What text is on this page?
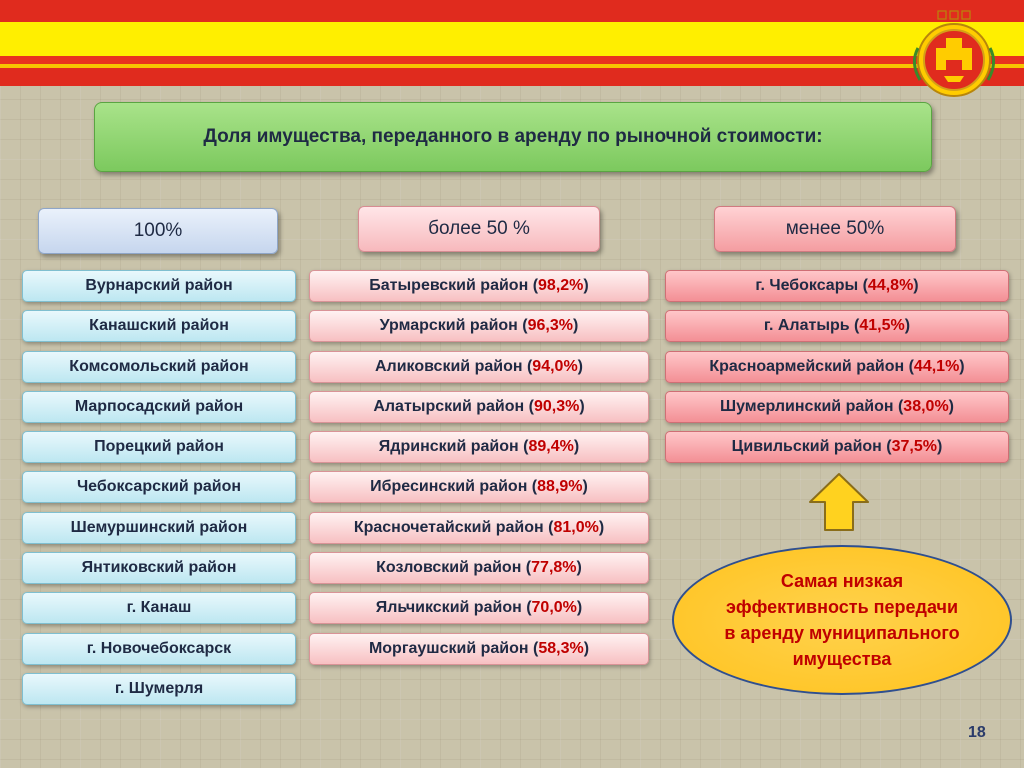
Доля имущества, переданного в аренду по рыночной стоимости:
100%	более 50 %	менее 50%
Вурнарский район
Канашский район
Комсомольский район
Марпосадский район
Порецкий район
Чебоксарский район
Шемуршинский район
Янтиковский район
г. Канаш
г. Новочебоксарск
г. Шумерля
Батыревский район ( 98,2% )
Урмарский район ( 96,3% )
Аликовский район ( 94,0% )
Алатырский район ( 90,3% )
Ядринский район ( 89,4% )
Ибресинский район ( 88,9% )
Красночетайский район ( 81,0% )
Козловский район ( 77,8% )
Яльчикский район ( 70,0% )
Моргаушский район ( 58,3% )
г. Чебоксары ( 44,8% )
г. Алатырь ( 41,5% )
Красноармейский район ( 44,1% )
Шумерлинский район ( 38,0% )
Цивильский район ( 37,5% )
Самая низкая эффективность передачи в аренду муниципального имущества
18
